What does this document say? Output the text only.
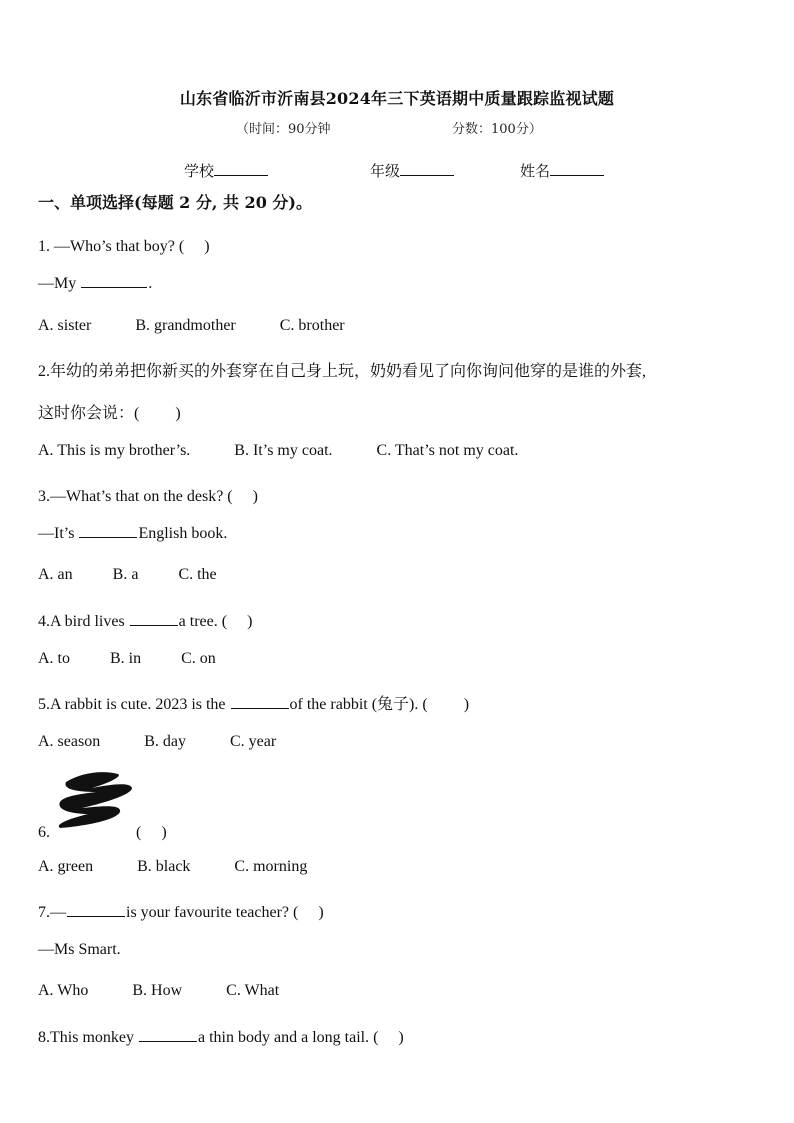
山东省临沂市沂南县2024年三下英语期中质量跟踪监视试题
（时间：90分钟	分数：100分）
学校	年级	姓名
一、单项选择(每题 2 分, 共 20 分)。
1. —Who’s that boy? (　 )
—My	.
A. sister	B. grandmother	C. brother
2.年幼的弟弟把你新买的外套穿在自己身上玩，奶奶看见了向你询问他穿的是谁的外套,
这时你会说：(　 　)
A. This is my brother’s.	B. It’s my coat.	C. That’s not my coat.
3.—What’s that on the desk? (　 )
—It’s	English book.
A. an	B. a	C. the
4.A bird lives	a tree. (　 )
A. to	B. in	C. on
5.A rabbit is cute. 2023 is the	of the rabbit (兔子). (　 　)
A. season	B. day	C. year
6.	(　 )
A. green	B. black	C. morning
7.—	is your favourite teacher? (　 )
—Ms Smart.
A. Who	B. How	C. What
8.This monkey	a thin body and a long tail. (　 )
